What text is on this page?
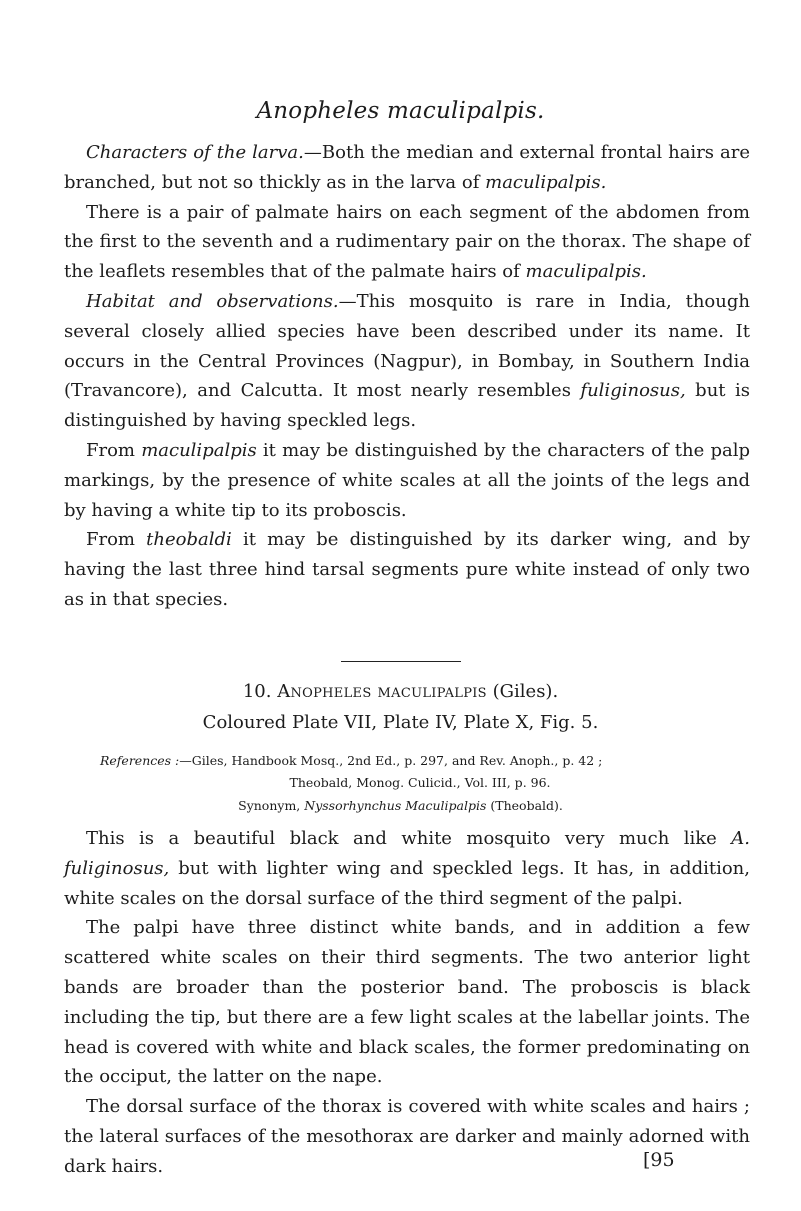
Anopheles maculipalpis.

Characters of the larva.—Both the median and external frontal hairs are branched, but not so thickly as in the larva of maculipalpis.

There is a pair of palmate hairs on each segment of the abdomen from the first to the seventh and a rudimentary pair on the thorax. The shape of the leaflets resembles that of the palmate hairs of maculipalpis.

Habitat and observations.—This mosquito is rare in India, though several closely allied species have been described under its name. It occurs in the Central Provinces (Nagpur), in Bombay, in Southern India (Travancore), and Calcutta. It most nearly resembles fuliginosus, but is distinguished by having speckled legs.

From maculipalpis it may be distinguished by the characters of the palp markings, by the presence of white scales at all the joints of the legs and by having a white tip to its proboscis.

From theobaldi it may be distinguished by its darker wing, and by having the last three hind tarsal segments pure white instead of only two as in that species.

10. Anopheles maculipalpis (Giles).
Coloured Plate VII, Plate IV, Plate X, Fig. 5.
References :—Giles, Handbook Mosq., 2nd Ed., p. 297, and Rev. Anoph., p. 42 ;
Theobald, Monog. Culicid., Vol. III, p. 96.
Synonym, Nyssorhynchus Maculipalpis (Theobald).

This is a beautiful black and white mosquito very much like A. fuliginosus, but with lighter wing and speckled legs. It has, in addition, white scales on the dorsal surface of the third segment of the palpi.

The palpi have three distinct white bands, and in addition a few scattered white scales on their third segments. The two anterior light bands are broader than the posterior band. The proboscis is black including the tip, but there are a few light scales at the labellar joints. The head is covered with white and black scales, the former predominating on the occiput, the latter on the nape.

The dorsal surface of the thorax is covered with white scales and hairs ; the lateral surfaces of the mesothorax are darker and mainly adorned with dark hairs.	[95
